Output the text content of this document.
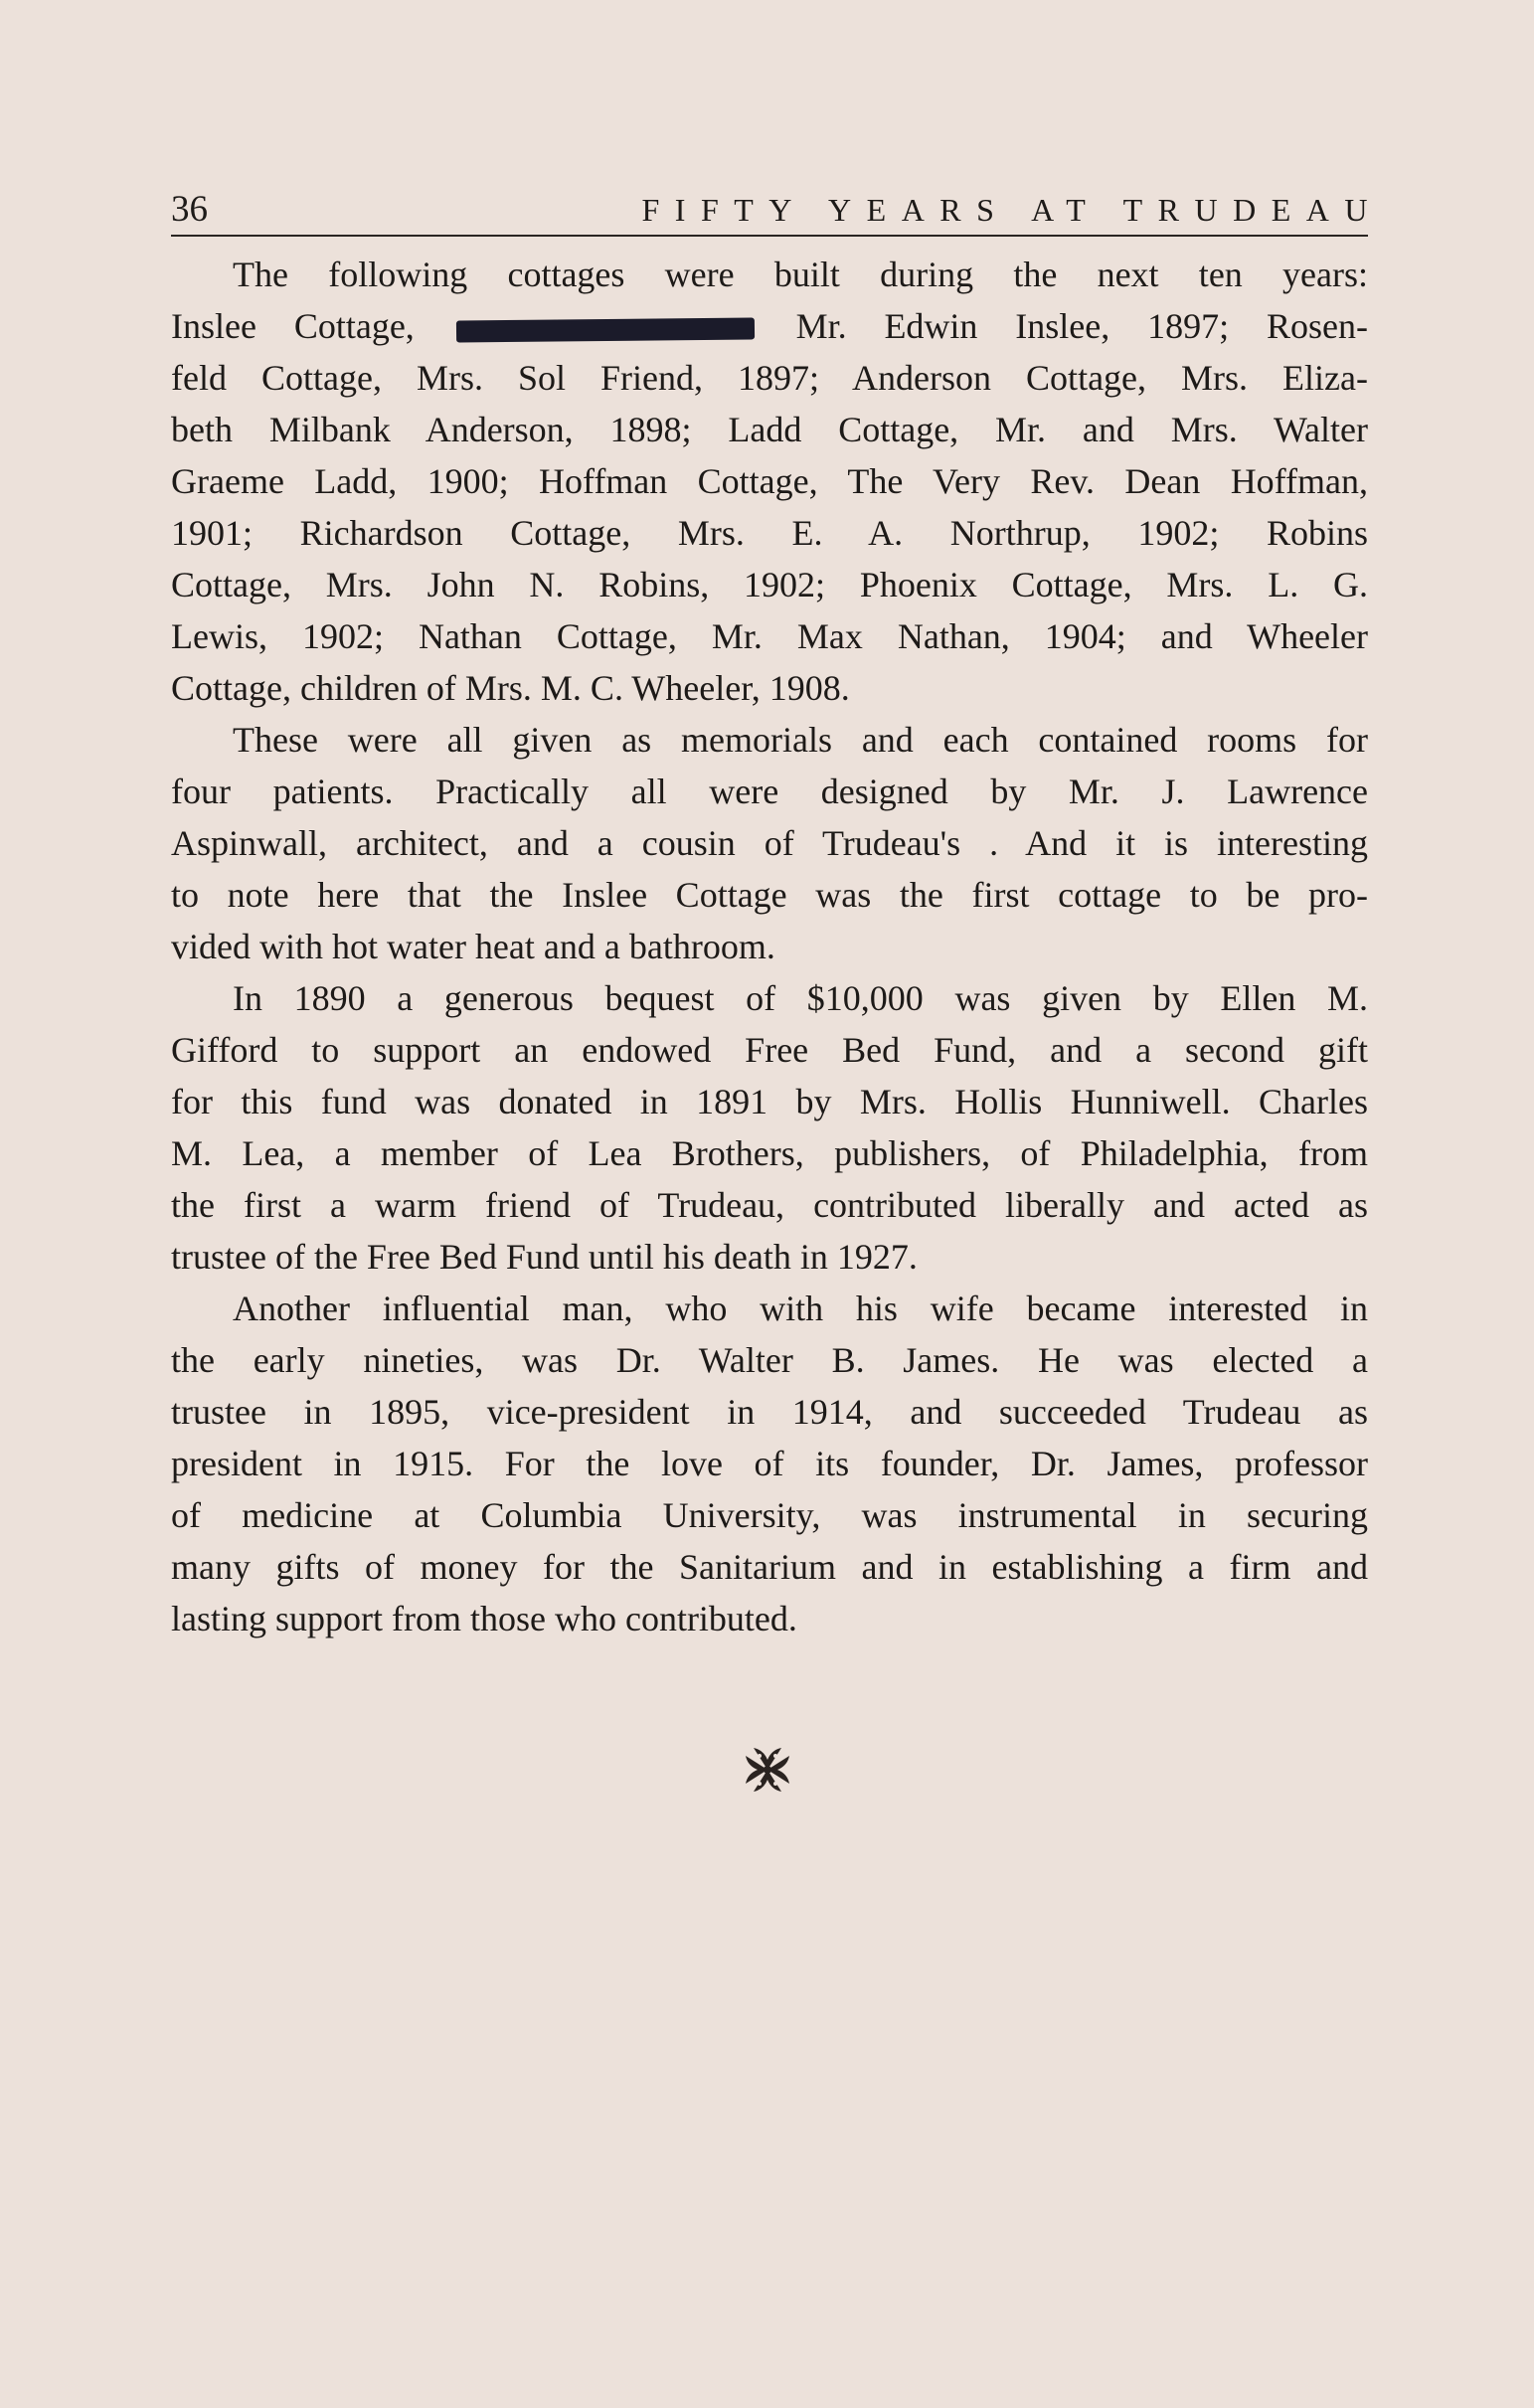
36	FIFTY YEARS AT TRUDEAU

The following cottages were built during the next ten years:
Inslee Cottage,	Mr. Edwin Inslee, 1897; Rosen-
feld Cottage, Mrs. Sol Friend, 1897; Anderson Cottage, Mrs. Eliza-
beth Milbank Anderson, 1898; Ladd Cottage, Mr. and Mrs. Walter
Graeme Ladd, 1900; Hoffman Cottage, The Very Rev. Dean Hoffman,
1901; Richardson Cottage, Mrs. E. A. Northrup, 1902; Robins
Cottage, Mrs. John N. Robins, 1902; Phoenix Cottage, Mrs. L. G.
Lewis, 1902; Nathan Cottage, Mr. Max Nathan, 1904; and Wheeler
Cottage, children of Mrs. M. C. Wheeler, 1908.

These were all given as memorials and each contained rooms for
four patients. Practically all were designed by Mr. J. Lawrence
Aspinwall, architect, and a cousin of Trudeau's . And it is interesting
to note here that the Inslee Cottage was the first cottage to be pro-
vided with hot water heat and a bathroom.

In 1890 a generous bequest of $10,000 was given by Ellen M.
Gifford to support an endowed Free Bed Fund, and a second gift
for this fund was donated in 1891 by Mrs. Hollis Hunniwell. Charles
M. Lea, a member of Lea Brothers, publishers, of Philadelphia, from
the first a warm friend of Trudeau, contributed liberally and acted as
trustee of the Free Bed Fund until his death in 1927.

Another influential man, who with his wife became interested in
the early nineties, was Dr. Walter B. James. He was elected a
trustee in 1895, vice-president in 1914, and succeeded Trudeau as
president in 1915. For the love of its founder, Dr. James, professor
of medicine at Columbia University, was instrumental in securing
many gifts of money for the Sanitarium and in establishing a firm and
lasting support from those who contributed.
